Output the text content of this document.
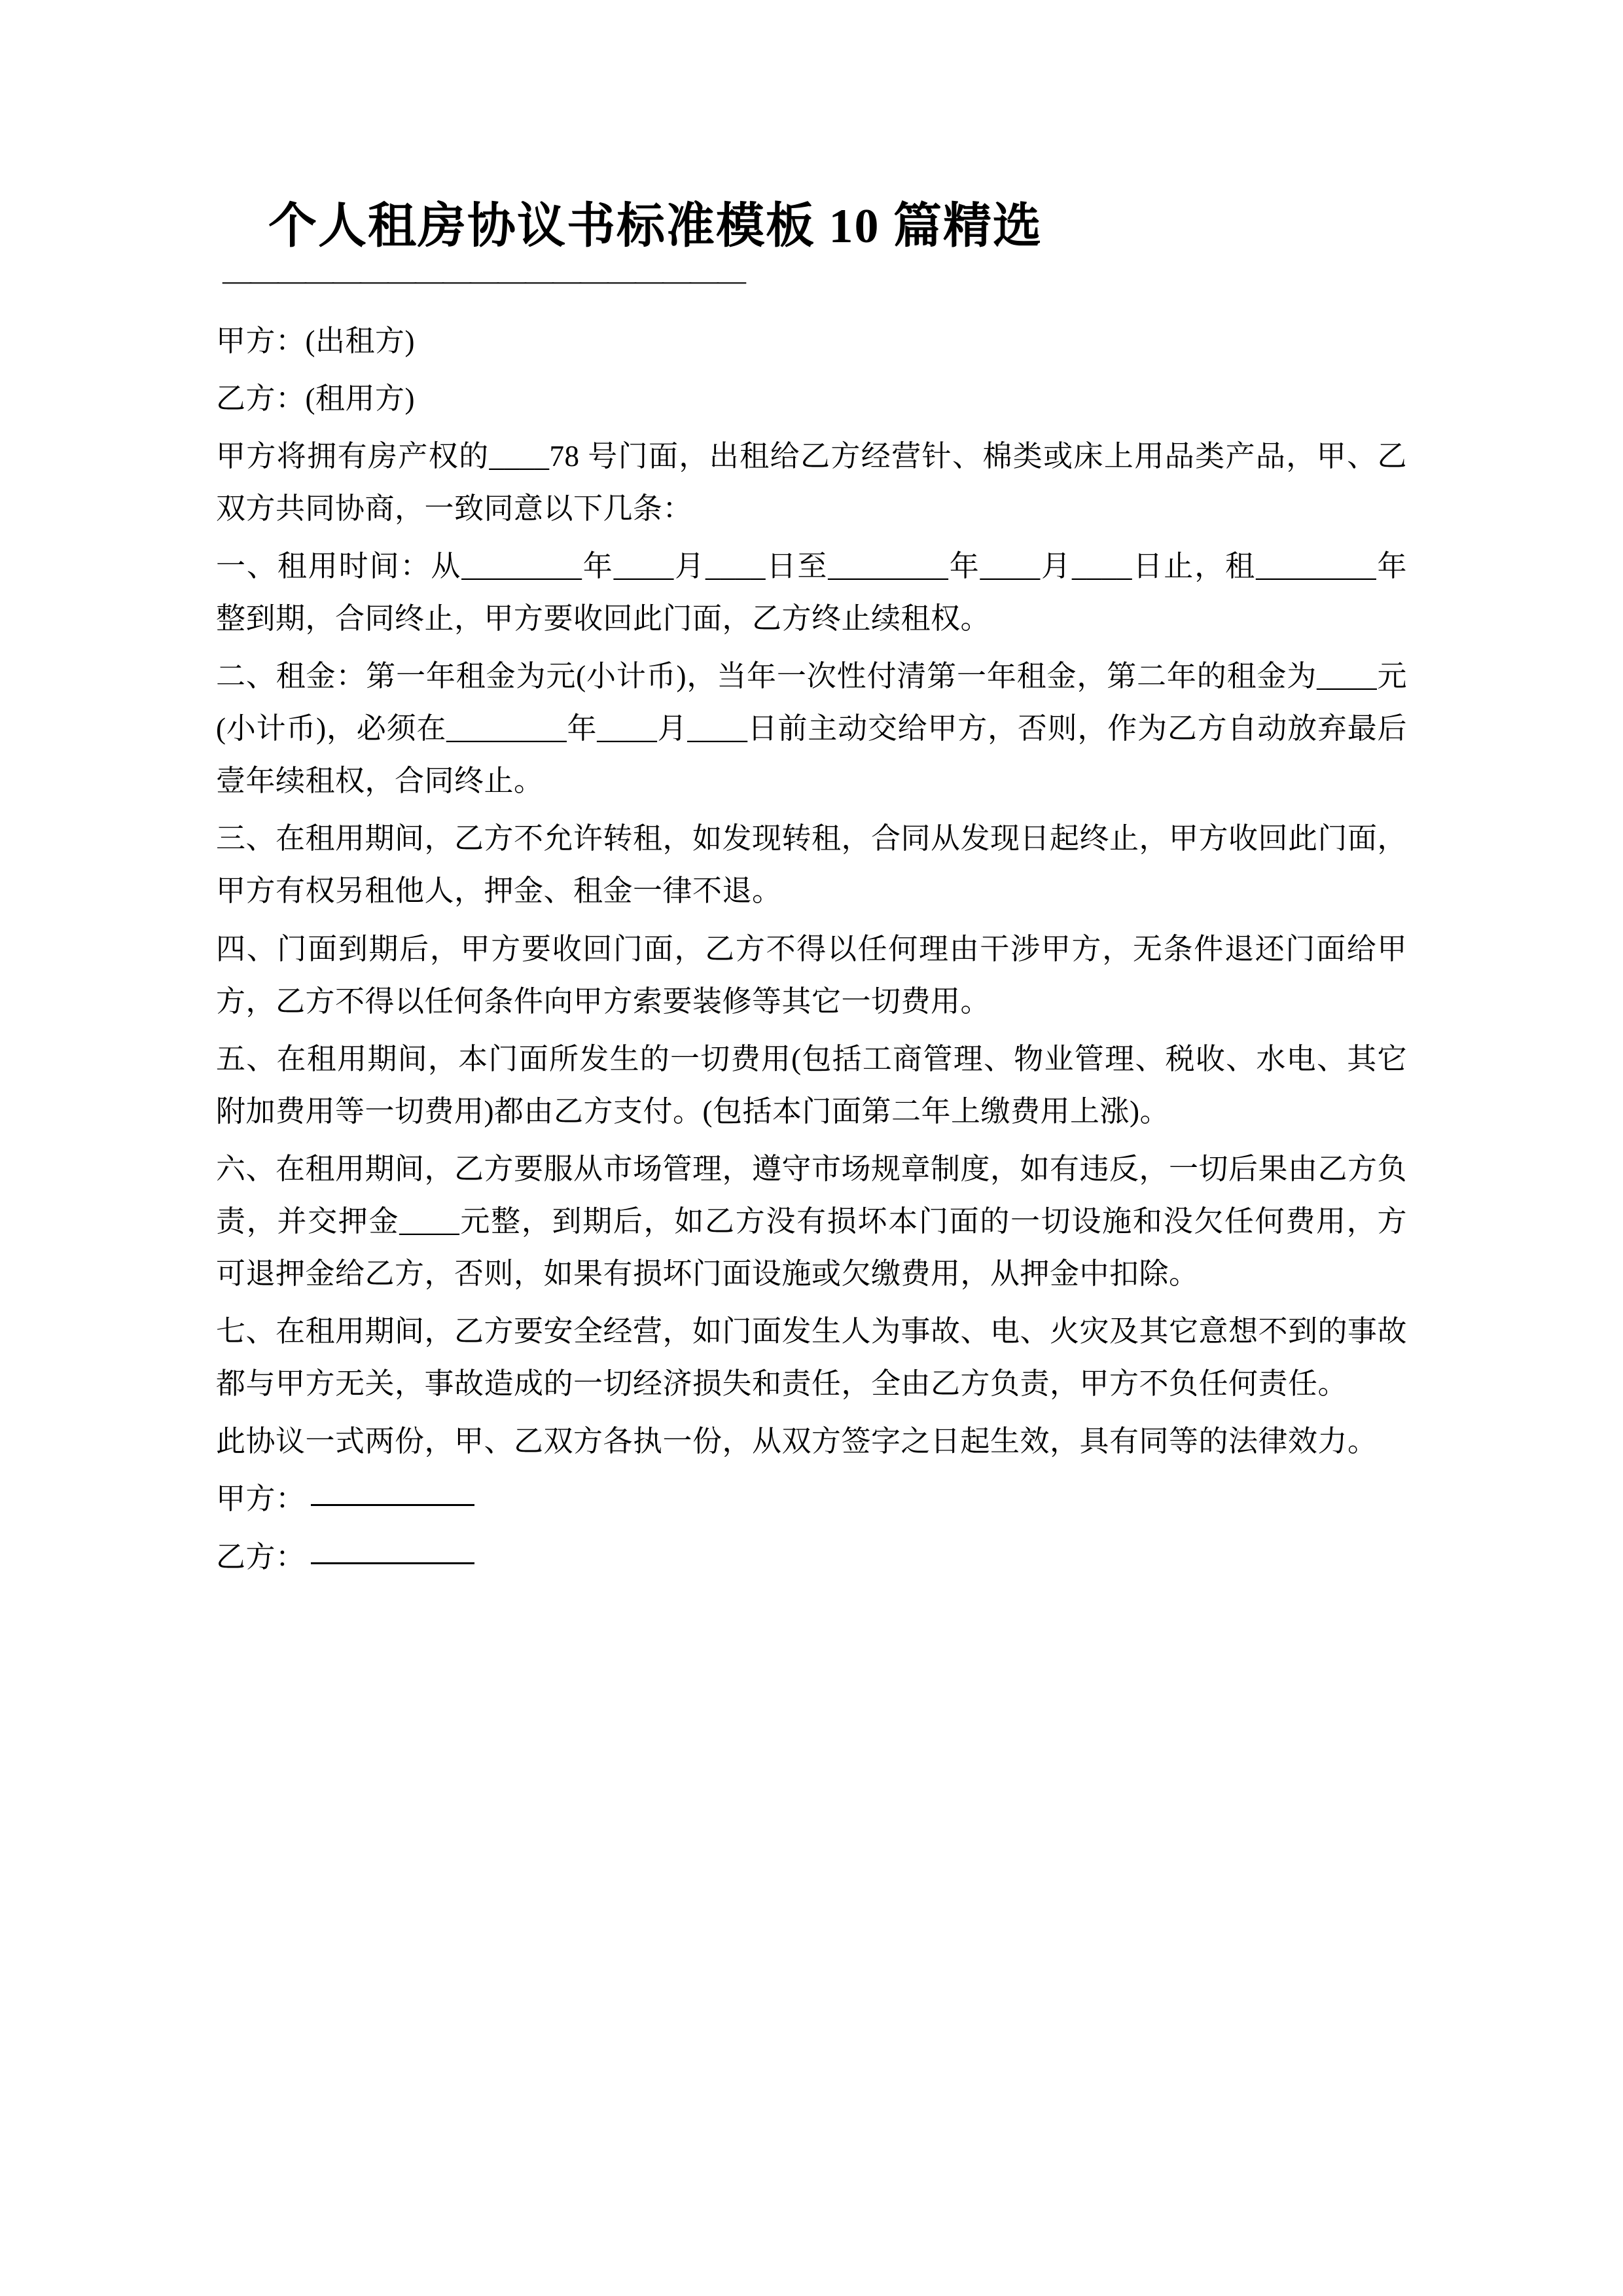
个人租房协议书标准模板 10 篇精选
———————————————————

甲方：(出租方)

乙方：(租用方)

甲方将拥有房产权的____78 号门面，出租给乙方经营针、棉类或床上用品类产品，甲、乙双方共同协商，一致同意以下几条：

一、租用时间：从________年____月____日至________年____月____日止，租________年整到期，合同终止，甲方要收回此门面，乙方终止续租权。

二、租金：第一年租金为元(小计币)，当年一次性付清第一年租金，第二年的租金为____元(小计币)，必须在________年____月____日前主动交给甲方，否则，作为乙方自动放弃最后壹年续租权，合同终止。

三、在租用期间，乙方不允许转租，如发现转租，合同从发现日起终止，甲方收回此门面，甲方有权另租他人，押金、租金一律不退。

四、门面到期后，甲方要收回门面，乙方不得以任何理由干涉甲方，无条件退还门面给甲方，乙方不得以任何条件向甲方索要装修等其它一切费用。

五、在租用期间，本门面所发生的一切费用(包括工商管理、物业管理、税收、水电、其它附加费用等一切费用)都由乙方支付。(包括本门面第二年上缴费用上涨)。

六、在租用期间，乙方要服从市场管理，遵守市场规章制度，如有违反，一切后果由乙方负责，并交押金____元整，到期后，如乙方没有损坏本门面的一切设施和没欠任何费用，方可退押金给乙方，否则，如果有损坏门面设施或欠缴费用，从押金中扣除。

七、在租用期间，乙方要安全经营，如门面发生人为事故、电、火灾及其它意想不到的事故都与甲方无关，事故造成的一切经济损失和责任，全由乙方负责，甲方不负任何责任。

此协议一式两份，甲、乙双方各执一份，从双方签字之日起生效，具有同等的法律效力。

甲方：

乙方：
